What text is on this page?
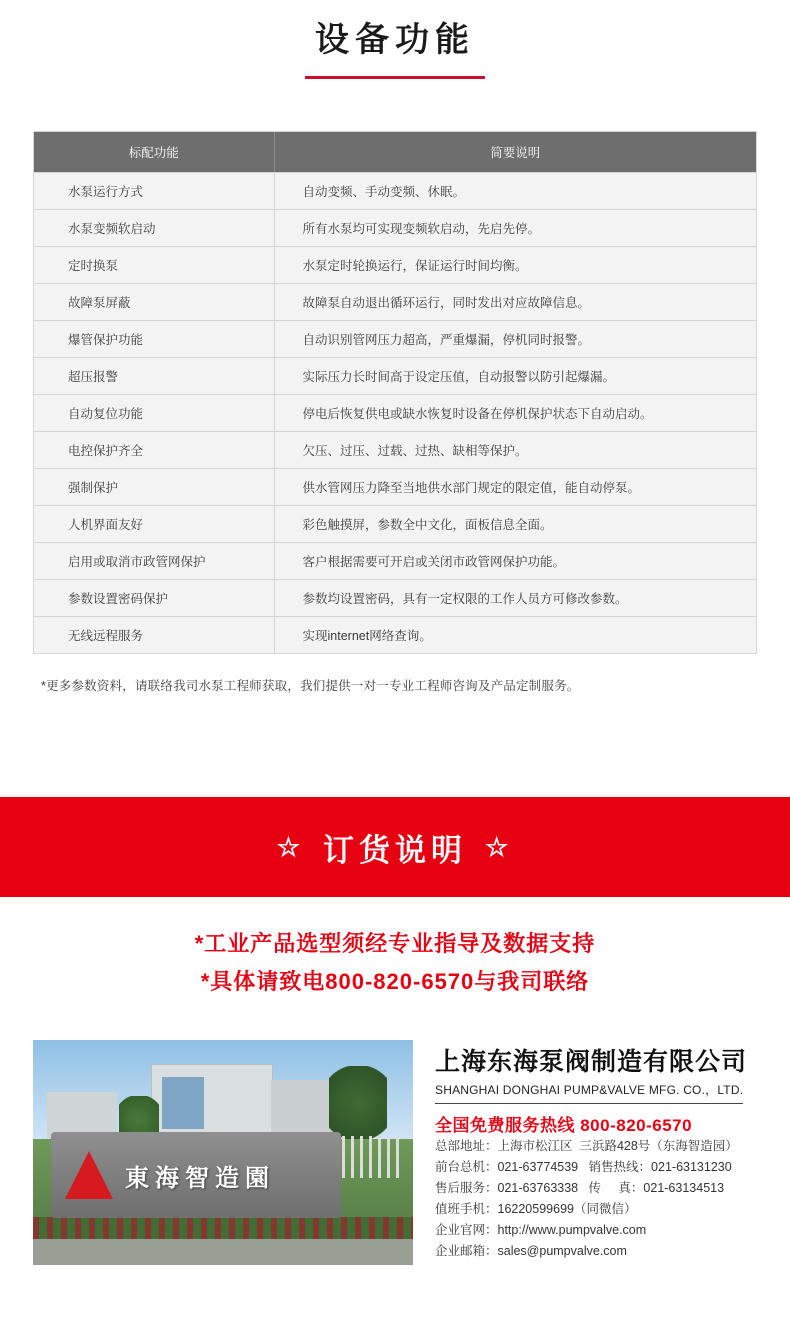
设备功能
标配功能	简要说明
水泵运行方式	自动变频、手动变频、休眠。
水泵变频软启动	所有水泵均可实现变频软启动，先启先停。
定时换泵	水泵定时轮换运行，保证运行时间均衡。
故障泵屏蔽	故障泵自动退出循环运行，同时发出对应故障信息。
爆管保护功能	自动识别管网压力超高，严重爆漏，停机同时报警。
超压报警	实际压力长时间高于设定压值，自动报警以防引起爆漏。
自动复位功能	停电后恢复供电或缺水恢复时设备在停机保护状态下自动启动。
电控保护齐全	欠压、过压、过载、过热、缺相等保护。
强制保护	供水管网压力降至当地供水部门规定的限定值，能自动停泵。
人机界面友好	彩色触摸屏，参数全中文化，面板信息全面。
启用或取消市政管网保护	客户根据需要可开启或关闭市政管网保护功能。
参数设置密码保护	参数均设置密码，具有一定权限的工作人员方可修改参数。
无线远程服务	实现internet网络查询。
*更多参数资料，请联络我司水泵工程师获取，我们提供一对一专业工程师咨询及产品定制服务。
☆ 订货说明 ☆
*工业产品选型须经专业指导及数据支持
*具体请致电800-820-6570与我司联络
東海智造園
上海东海泵阀制造有限公司
SHANGHAI DONGHAI PUMP&VALVE MFG. CO.，LTD.
全国免费服务热线 800-820-6570
总部地址：上海市松江区  三浜路428号（东海智造园）
前台总机：021-63774539   销售热线：021-63131230
售后服务：021-63763338   传     真：021-63134513
值班手机：16220599699（同微信）
企业官网：http://www.pumpvalve.com
企业邮箱：sales@pumpvalve.com
